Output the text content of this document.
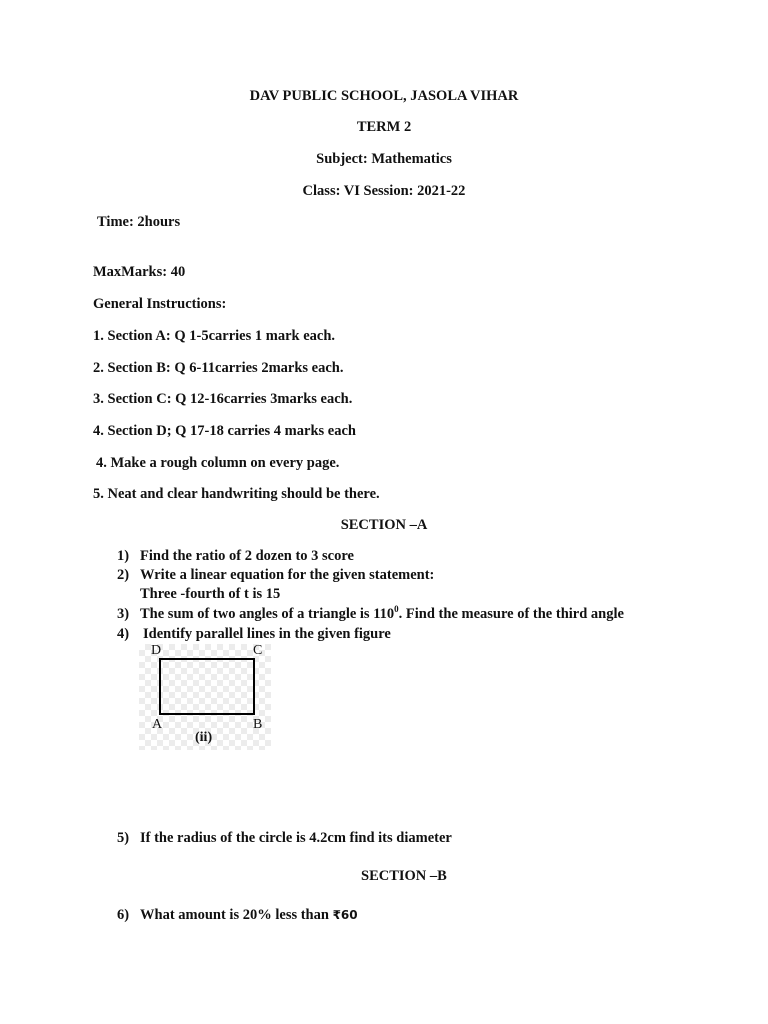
DAV PUBLIC SCHOOL, JASOLA VIHAR
TERM 2
Subject: Mathematics
Class: VI Session: 2021-22
Time: 2hours
MaxMarks: 40
General Instructions:
1. Section A: Q 1-5carries 1 mark each.
2. Section B: Q 6-11carries 2marks each.
3. Section C: Q 12-16carries 3marks each.
4. Section D; Q 17-18 carries 4 marks each
4. Make a rough column on every page.
5. Neat and clear handwriting should be there.
SECTION –A
1) Find the ratio of 2 dozen to 3 score
2) Write a linear equation for the given statement:
Three -fourth of t is 15
3) The sum of two angles of a triangle is $110^0$. Find the measure of the third angle
4) Identify parallel lines in the given figure
D	C
A	B
(ii)
5) If the radius of the circle is 4.2cm find its diameter
SECTION –B
6) What amount is 20% less than ₹60
